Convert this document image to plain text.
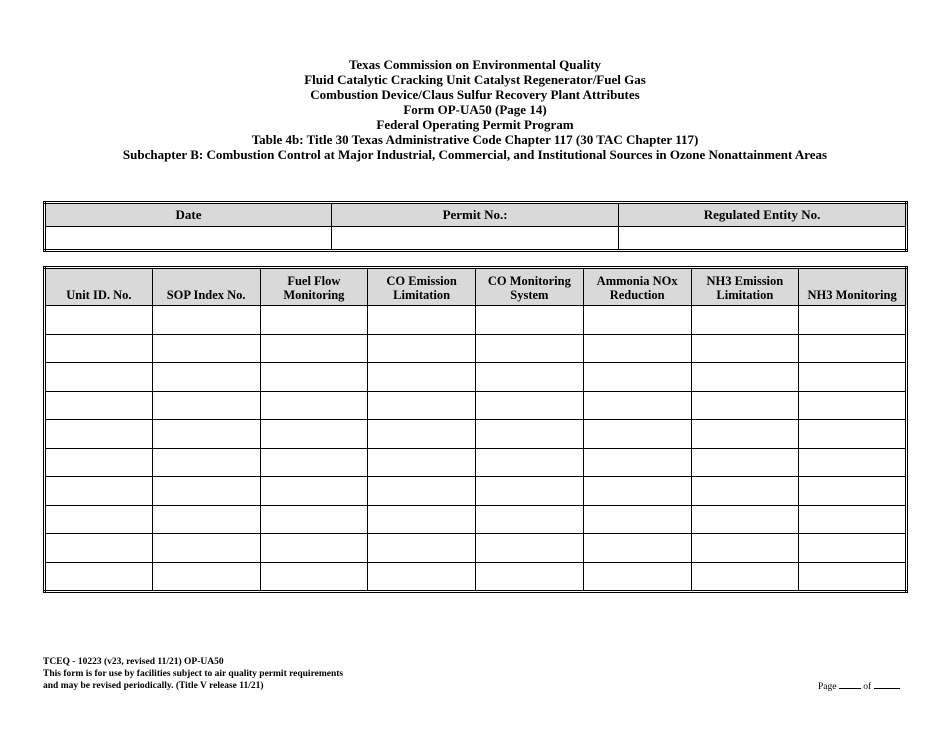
Texas Commission on Environmental Quality
Fluid Catalytic Cracking Unit Catalyst Regenerator/Fuel Gas
Combustion Device/Claus Sulfur Recovery Plant Attributes
Form OP-UA50 (Page 14)
Federal Operating Permit Program
Table 4b: Title 30 Texas Administrative Code Chapter 117 (30 TAC Chapter 117)
Subchapter B: Combustion Control at Major Industrial, Commercial, and Institutional Sources in Ozone Nonattainment Areas
Date	Permit No.:	Regulated Entity No.

Unit ID. No.	SOP Index No.	Fuel Flow Monitoring	CO Emission Limitation	CO Monitoring System	Ammonia NOx Reduction	NH3 Emission Limitation	NH3 Monitoring

TCEQ - 10223 (v23, revised 11/21) OP-UA50
This form is for use by facilities subject to air quality permit requirements
and may be revised periodically. (Title V release 11/21)	Page	of
